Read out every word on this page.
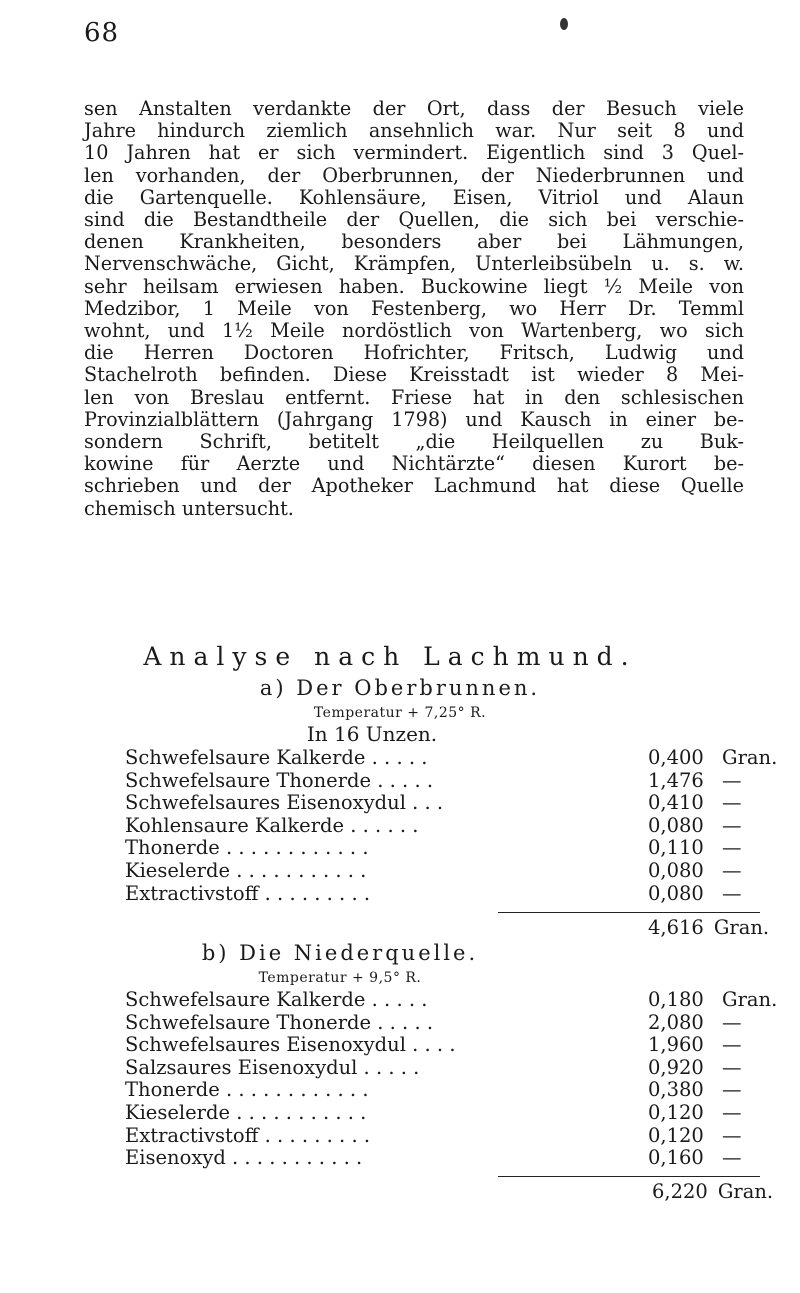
68
sen Anstalten verdankte der Ort, dass der Besuch viele
Jahre hindurch ziemlich ansehnlich war. Nur seit 8 und
10 Jahren hat er sich vermindert. Eigentlich sind 3 Quel-
len vorhanden, der Oberbrunnen, der Niederbrunnen und
die Gartenquelle. Kohlensäure, Eisen, Vitriol und Alaun
sind die Bestandtheile der Quellen, die sich bei verschie-
denen Krankheiten, besonders aber bei Lähmungen,
Nervenschwäche, Gicht, Krämpfen, Unterleibsübeln u. s. w.
sehr heilsam erwiesen haben. Buckowine liegt ½ Meile von
Medzibor, 1 Meile von Festenberg, wo Herr Dr. Temml
wohnt, und 1½ Meile nordöstlich von Wartenberg, wo sich
die Herren Doctoren Hofrichter, Fritsch, Ludwig und
Stachelroth befinden. Diese Kreisstadt ist wieder 8 Mei-
len von Breslau entfernt. Friese hat in den schlesischen
Provinzialblättern (Jahrgang 1798) und Kausch in einer be-
sondern Schrift, betitelt „die Heilquellen zu Buk-
kowine für Aerzte und Nichtärzte“ diesen Kurort be-
schrieben und der Apotheker Lachmund hat diese Quelle
chemisch untersucht.
Analyse nach Lachmund.
a) Der Oberbrunnen.
Temperatur + 7,25° R.
In 16 Unzen.
Schwefelsaure Kalkerde . . . . .	0,400 Gran.
Schwefelsaure Thonerde . . . . .	1,476 —
Schwefelsaures Eisenoxydul . . .	0,410 —
Kohlensaure Kalkerde . . . . . .	0,080 —
Thonerde . . . . . . . . . . . .	0,110 —
Kieselerde . . . . . . . . . . .	0,080 —
Extractivstoff . . . . . . . . .	0,080 —
4,616 Gran.
b) Die Niederquelle.
Temperatur + 9,5° R.
Schwefelsaure Kalkerde . . . . .	0,180 Gran.
Schwefelsaure Thonerde . . . . .	2,080 —
Schwefelsaures Eisenoxydul . . . .	1,960 —
Salzsaures Eisenoxydul . . . . .	0,920 —
Thonerde . . . . . . . . . . . .	0,380 —
Kieselerde . . . . . . . . . . .	0,120 —
Extractivstoff . . . . . . . . .	0,120 —
Eisenoxyd . . . . . . . . . . .	0,160 —
6,220 Gran.
